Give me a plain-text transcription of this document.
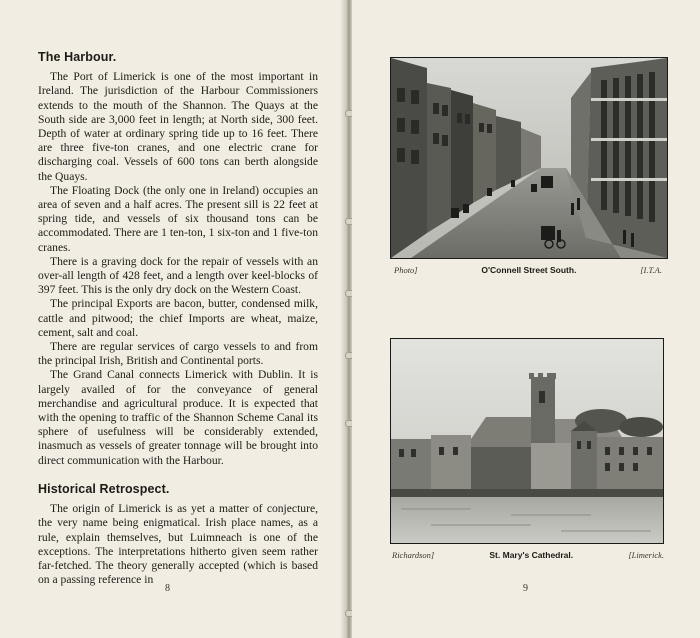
The Harbour.

The Port of Limerick is one of the most important in Ireland. The jurisdiction of the Harbour Commissioners extends to the mouth of the Shannon. The Quays at the South side are 3,000 feet in length; at North side, 300 feet. Depth of water at ordinary spring tide up to 16 feet. There are three five-ton cranes, and one electric crane for discharging coal. Vessels of 600 tons can berth alongside the Quays.

The Floating Dock (the only one in Ireland) occupies an area of seven and a half acres. The present sill is 22 feet at spring tide, and vessels of six thousand tons can be accommodated. There are 1 ten-ton, 1 six-ton and 1 five-ton cranes.

There is a graving dock for the repair of vessels with an over-all length of 428 feet, and a length over keel-blocks of 397 feet. This is the only dry dock on the Western Coast.

The principal Exports are bacon, butter, condensed milk, cattle and pitwood; the chief Imports are wheat, maize, cement, salt and coal.

There are regular services of cargo vessels to and from the principal Irish, British and Continental ports.

The Grand Canal connects Limerick with Dublin. It is largely availed of for the conveyance of general merchandise and agricultural produce. It is expected that with the opening to traffic of the Shannon Scheme Canal its sphere of usefulness will be considerably extended, inasmuch as vessels of greater tonnage will be brought into direct communication with the Harbour.

Historical Retrospect.

The origin of Limerick is as yet a matter of conjecture, the very name being enigmatical. Irish place names, as a rule, explain themselves, but Luimneach is one of the exceptions. The interpretations hitherto given seem rather far-fetched. The theory generally accepted (which is based on a passing reference in

8
Photo]	O'Connell Street South.	[I.T.A.
Richardson]	St. Mary's Cathedral.	[Limerick.
9
